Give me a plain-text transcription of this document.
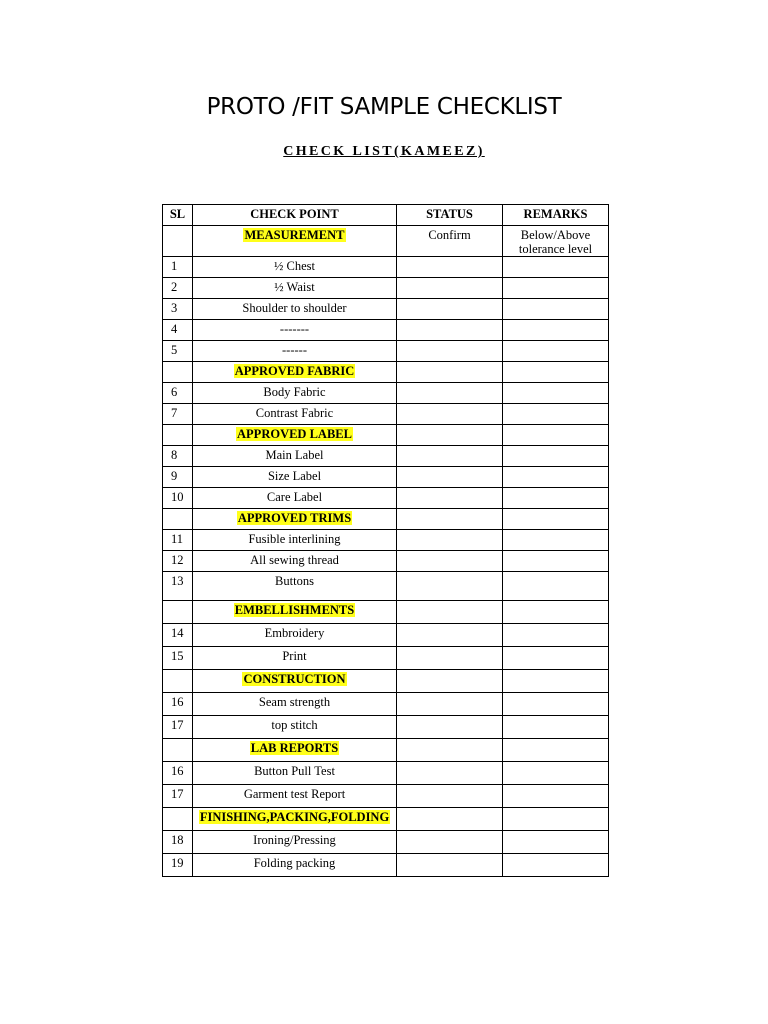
PROTO /FIT SAMPLE CHECKLIST
CHECK LIST(KAMEEZ)
SL	CHECK POINT	STATUS	REMARKS
	MEASUREMENT	Confirm	Below/Above tolerance level
1	½ Chest		
2	½ Waist		
3	Shoulder to shoulder		
4	-------		
5	------		
	APPROVED FABRIC		
6	Body Fabric		
7	Contrast Fabric		
	APPROVED LABEL		
8	Main Label		
9	Size Label		
10	Care Label		
	APPROVED TRIMS		
11	Fusible interlining		
12	All sewing thread		
13	Buttons		
	EMBELLISHMENTS		
14	Embroidery		
15	Print		
	CONSTRUCTION		
16	Seam strength		
17	top stitch		
	LAB REPORTS		
16	Button Pull Test		
17	Garment test Report		
	FINISHING,PACKING,FOLDING		
18	Ironing/Pressing		
19	Folding packing		
